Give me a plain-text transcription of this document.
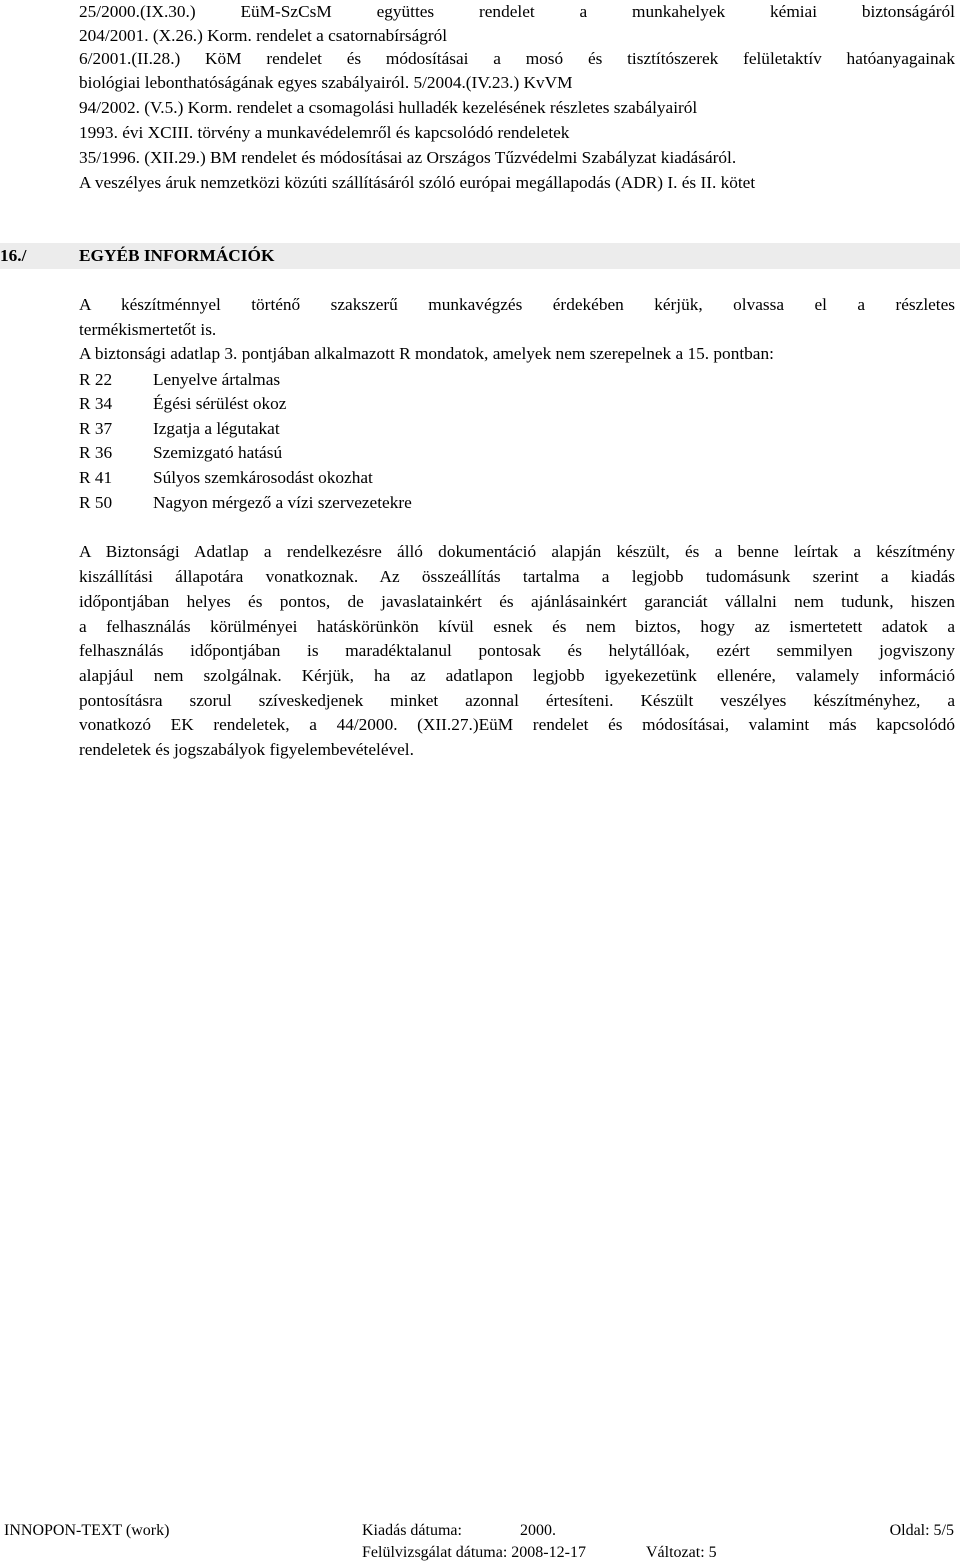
25/2000.(IX.30.) EüM-SzCsM együttes rendelet a munkahelyek kémiai biztonságáról
204/2001. (X.26.) Korm. rendelet a csatornabírságról
6/2001.(II.28.) KöM rendelet és módosításai a mosó és tisztítószerek felületaktív hatóanyagainak
biológiai lebonthatóságának egyes szabályairól. 5/2004.(IV.23.) KvVM
94/2002. (V.5.) Korm. rendelet a csomagolási hulladék kezelésének részletes szabályairól
1993. évi XCIII. törvény a munkavédelemről és kapcsolódó rendeletek
35/1996. (XII.29.) BM rendelet és módosításai az Országos Tűzvédelmi Szabályzat kiadásáról.
A veszélyes áruk nemzetközi közúti szállításáról szóló európai megállapodás (ADR) I. és II. kötet
16./	EGYÉB INFORMÁCIÓK
A készítménnyel történő szakszerű munkavégzés érdekében kérjük, olvassa el a részletes
termékismertetőt is.
A biztonsági adatlap 3. pontjában alkalmazott R mondatok, amelyek nem szerepelnek a 15. pontban:
R 22 Lenyelve ártalmas
R 34 Égési sérülést okoz
R 37 Izgatja a légutakat
R 36 Szemizgató hatású
R 41 Súlyos szemkárosodást okozhat
R 50 Nagyon mérgező a vízi szervezetekre
A Biztonsági Adatlap a rendelkezésre álló dokumentáció alapján készült, és a benne leírtak a készítmény
kiszállítási állapotára vonatkoznak. Az összeállítás tartalma a legjobb tudomásunk szerint a kiadás
időpontjában helyes és pontos, de javaslatainkért és ajánlásainkért garanciát vállalni nem tudunk, hiszen
a felhasználás körülményei hatáskörünkön kívül esnek és nem biztos, hogy az ismertetett adatok a
felhasználás időpontjában is maradéktalanul pontosak és helytállóak, ezért semmilyen jogviszony
alapjául nem szolgálnak. Kérjük, ha az adatlapon legjobb igyekezetünk ellenére, valamely információ
pontosításra szorul szíveskedjenek minket azonnal értesíteni. Készült veszélyes készítményhez, a
vonatkozó EK rendeletek, a 44/2000. (XII.27.)EüM rendelet és módosításai, valamint más kapcsolódó
rendeletek és jogszabályok figyelembevételével.
INNOPON-TEXT (work)	Kiadás dátuma:	2000.	Oldal: 5/5
Felülvizsgálat dátuma: 2008-12-17	Változat: 5
